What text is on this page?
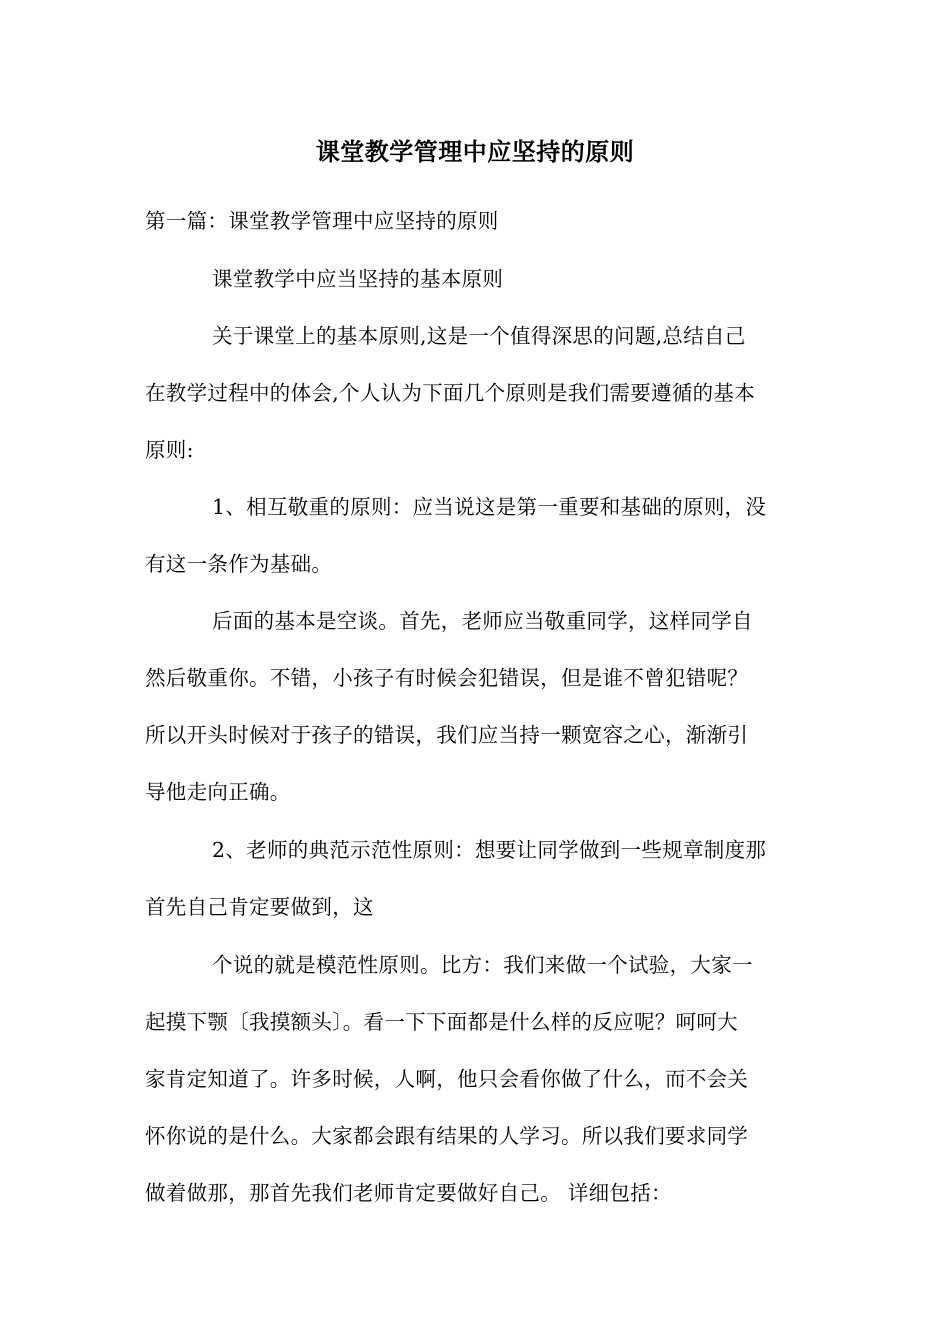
课堂教学管理中应坚持的原则
第一篇：课堂教学管理中应坚持的原则
课堂教学中应当坚持的基本原则
关于课堂上的基本原则,这是一个值得深思的问题,总结自己
在教学过程中的体会,个人认为下面几个原则是我们需要遵循的基本
原则:
1、相互敬重的原则：应当说这是第一重要和基础的原则，没
有这一条作为基础。
后面的基本是空谈。首先，老师应当敬重同学，这样同学自
然后敬重你。不错，小孩子有时候会犯错误，但是谁不曾犯错呢？
所以开头时候对于孩子的错误，我们应当持一颗宽容之心，渐渐引
导他走向正确。
2、老师的典范示范性原则：想要让同学做到一些规章制度那
首先自己肯定要做到，这
个说的就是模范性原则。比方：我们来做一个试验，大家一
起摸下颚〔我摸额头〕。看一下下面都是什么样的反应呢？呵呵大
家肯定知道了。许多时候，人啊，他只会看你做了什么，而不会关
怀你说的是什么。大家都会跟有结果的人学习。所以我们要求同学
做着做那，那首先我们老师肯定要做好自己。 详细包括：
